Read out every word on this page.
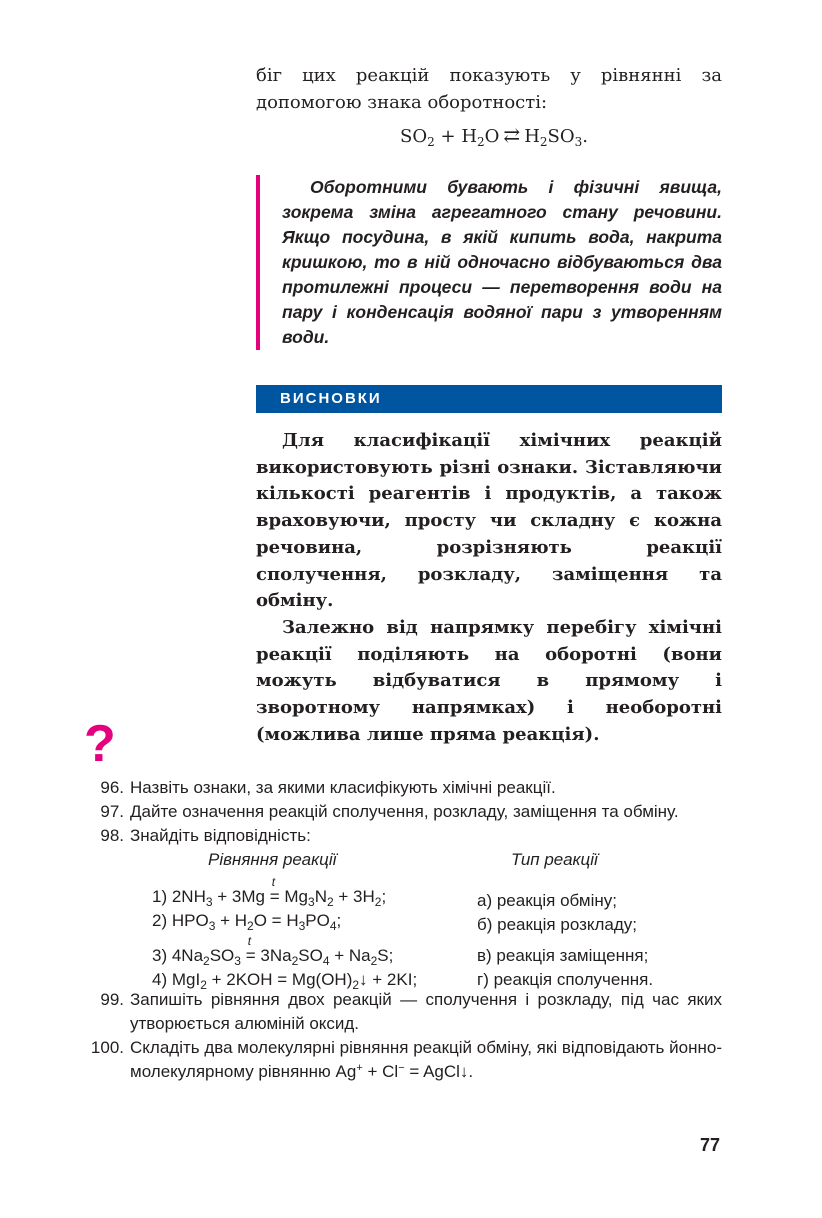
біг цих реакцій показують у рівнянні за допомогою знака оборотності:

$SO_2 + H_2O$ ⇄ $H_2SO_3$.

Оборотними бувають і фізичні явища, зокрема зміна агрегатного стану речовини. Якщо посудина, в якій кипить вода, накрита кришкою, то в ній одночасно відбуваються два протилежні процеси — перетворення води на пару і конденсація водяної пари з утворенням води.

ВИСНОВКИ

Для класифікації хімічних реакцій використовують різні ознаки. Зіставляючи кількості реагентів і продуктів, а також враховуючи, просту чи складну є кожна речовина, розрізняють реакції сполучення, розкладу, заміщення та обміну.

Залежно від напрямку перебігу хімічні реакції поділяють на оборотні (вони можуть відбуватися в прямому і зворотному напрямках) і необоротні (можлива лише пряма реакція).

?
96. Назвіть ознаки, за якими класифікують хімічні реакції.
97. Дайте означення реакцій сполучення, розкладу, заміщення та обміну.
98. Знайдіть відповідність:
Рівняння реакції	Тип реакції
1) $2NH_3 + 3Mg$ =
t
$Mg_3N_2 + 3H_2$;
2) $HPO_3 + H_2O = H_3PO_4$;
3) $4Na_2SO_3$ =
t
$3Na_2SO_4 + Na_2S$;
4) $MgI_2 + 2KOH = Mg(OH)_2↓ + 2KI$;
а) реакція обміну;
б) реакція розкладу;
в) реакція заміщення;
г) реакція сполучення.
99. Запишіть рівняння двох реакцій — сполучення і розкладу, під час яких утворюється алюміній оксид.
100. Складіть два молекулярні рівняння реакцій обміну, які відповідають йонно-молекулярному рівнянню Ag+ + Cl− = AgCl↓.
77
